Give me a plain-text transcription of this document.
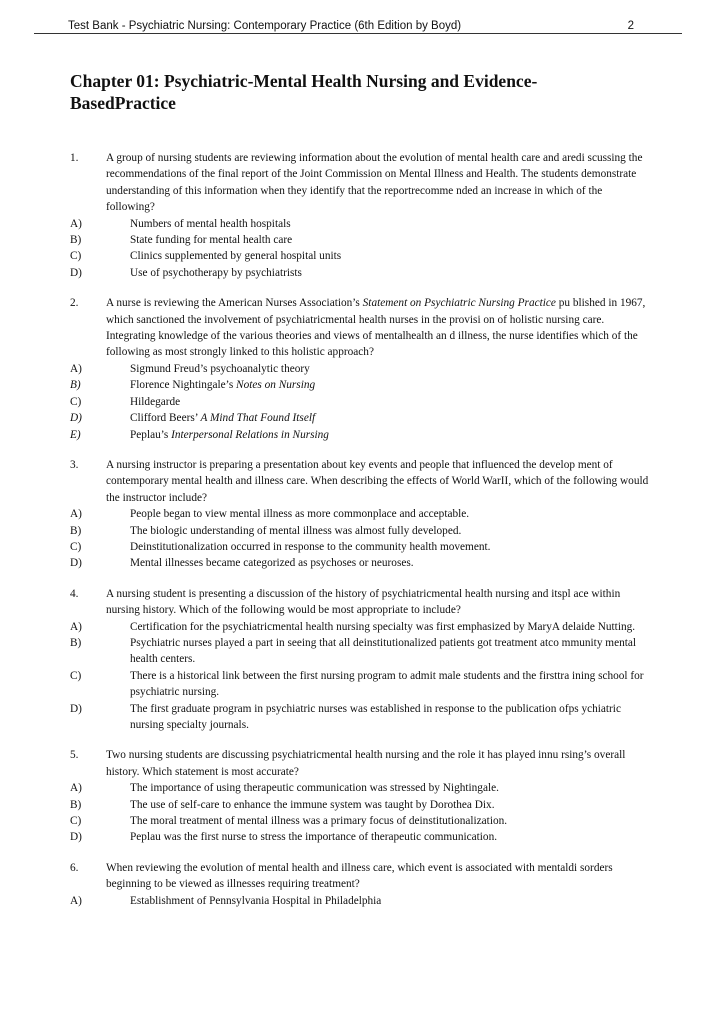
Test Bank - Psychiatric Nursing: Contemporary Practice (6th Edition by Boyd)	2
Chapter 01: Psychiatric-Mental Health Nursing and Evidence-BasedPractice
1.	A group of nursing students are reviewing information about the evolution of mental health care and aredi scussing the recommendations of the final report of the Joint Commission on Mental Illness and Health. The students demonstrate understanding of this information when they identify that the reportrecomme nded an increase in which of the following?
A)	Numbers of mental health hospitals
B)	State funding for mental health care
C)	Clinics supplemented by general hospital units
D)	Use of psychotherapy by psychiatrists
2.	A nurse is reviewing the American Nurses Association’s Statement on Psychiatric Nursing Practice pu blished in 1967, which sanctioned the involvement of psychiatricmental health nurses in the provisi on of holistic nursing care. Integrating knowledge of the various theories and views of mentalhealth an d illness, the nurse identifies which of the following as most strongly linked to this holistic approach?
A)	Sigmund Freud’s psychoanalytic theory
B)	Florence Nightingale’s Notes on Nursing
C)	Hildegarde
D)	Clifford Beers’ A Mind That Found Itself
E)	Peplau’s Interpersonal Relations in Nursing
3.	A nursing instructor is preparing a presentation about key events and people that influenced the develop ment of contemporary mental health and illness care. When describing the effects of World WarII, which of the following would the instructor include?
A)	People began to view mental illness as more commonplace and acceptable.
B)	The biologic understanding of mental illness was almost fully developed.
C)	Deinstitutionalization occurred in response to the community health movement.
D)	Mental illnesses became categorized as psychoses or neuroses.
4.	A nursing student is presenting a discussion of the history of psychiatricmental health nursing and itspl ace within nursing history. Which of the following would be most appropriate to include?
A)	Certification for the psychiatricmental health nursing specialty was first emphasized by MaryA delaide Nutting.
B)	Psychiatric nurses played a part in seeing that all deinstitutionalized patients got treatment atco mmunity mental health centers.
C)	There is a historical link between the first nursing program to admit male students and the firsttra ining school for psychiatric nursing.
D)	The first graduate program in psychiatric nurses was established in response to the publication ofps ychiatric nursing specialty journals.
5.	Two nursing students are discussing psychiatricmental health nursing and the role it has played innu rsing’s overall history. Which statement is most accurate?
A)	The importance of using therapeutic communication was stressed by Nightingale.
B)	The use of self-care to enhance the immune system was taught by Dorothea Dix.
C)	The moral treatment of mental illness was a primary focus of deinstitutionalization.
D)	Peplau was the first nurse to stress the importance of therapeutic communication.
6.	When reviewing the evolution of mental health and illness care, which event is associated with mentaldi sorders beginning to be viewed as illnesses requiring treatment?
A)	Establishment of Pennsylvania Hospital in Philadelphia
